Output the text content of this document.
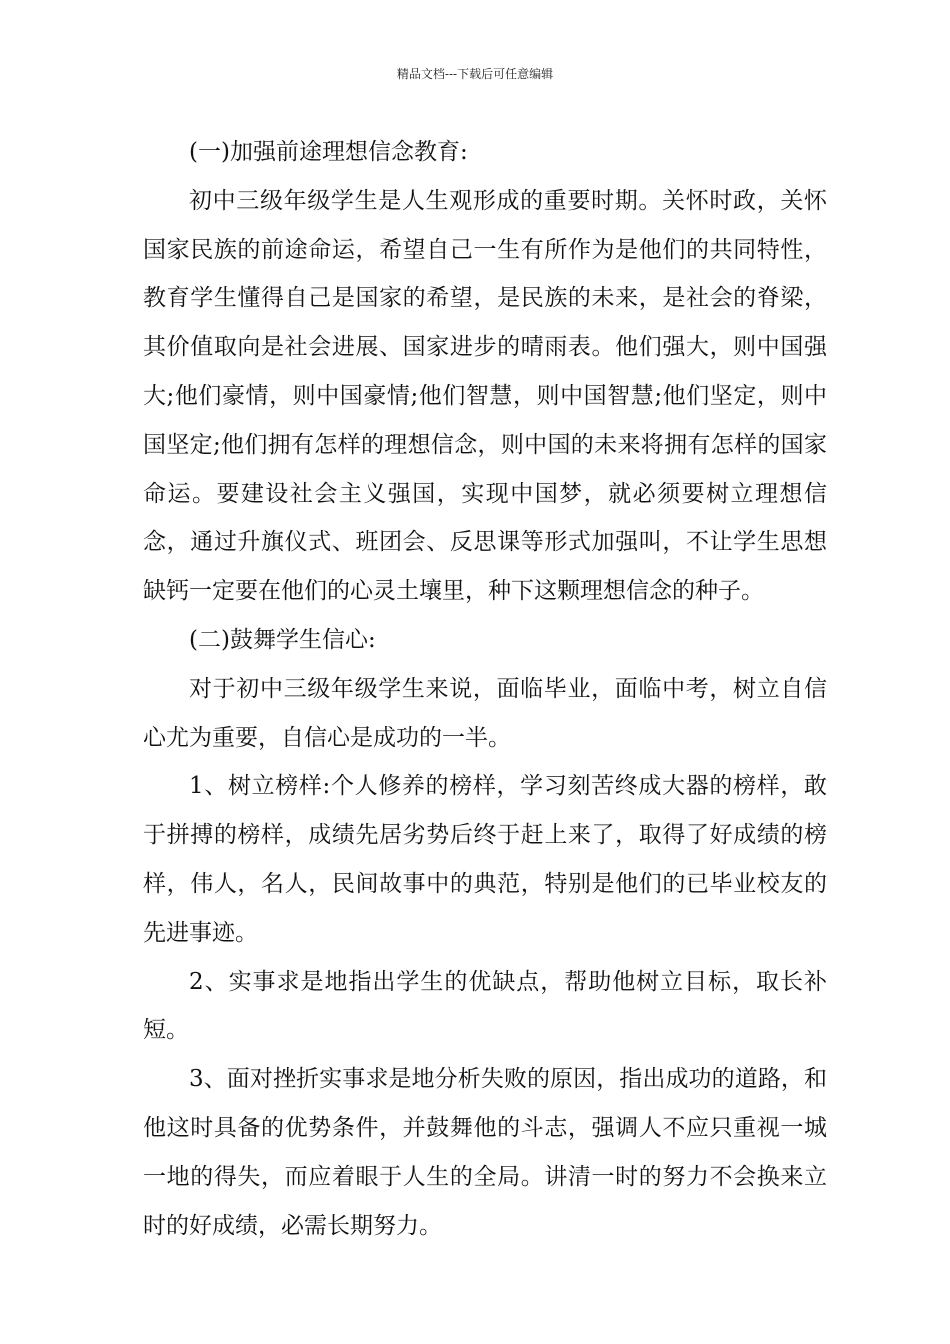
精品文档---下载后可任意编辑

(一)加强前途理想信念教育:

初中三级年级学生是人生观形成的重要时期。关怀时政，关怀国家民族的前途命运，希望自己一生有所作为是他们的共同特性，教育学生懂得自己是国家的希望，是民族的未来，是社会的脊梁，其价值取向是社会进展、国家进步的晴雨表。他们强大，则中国强大;他们豪情，则中国豪情;他们智慧，则中国智慧;他们坚定，则中国坚定;他们拥有怎样的理想信念，则中国的未来将拥有怎样的国家命运。要建设社会主义强国，实现中国梦，就必须要树立理想信念，通过升旗仪式、班团会、反思课等形式加强叫，不让学生思想缺钙一定要在他们的心灵土壤里，种下这颗理想信念的种子。

(二)鼓舞学生信心:

对于初中三级年级学生来说，面临毕业，面临中考，树立自信心尤为重要，自信心是成功的一半。

1、树立榜样:个人修养的榜样，学习刻苦终成大器的榜样，敢于拼搏的榜样，成绩先居劣势后终于赶上来了，取得了好成绩的榜样，伟人，名人，民间故事中的典范，特别是他们的已毕业校友的先进事迹。

2、实事求是地指出学生的优缺点，帮助他树立目标，取长补短。

3、面对挫折实事求是地分析失败的原因，指出成功的道路，和他这时具备的优势条件，并鼓舞他的斗志，强调人不应只重视一城一地的得失，而应着眼于人生的全局。讲清一时的努力不会换来立时的好成绩，必需长期努力。
